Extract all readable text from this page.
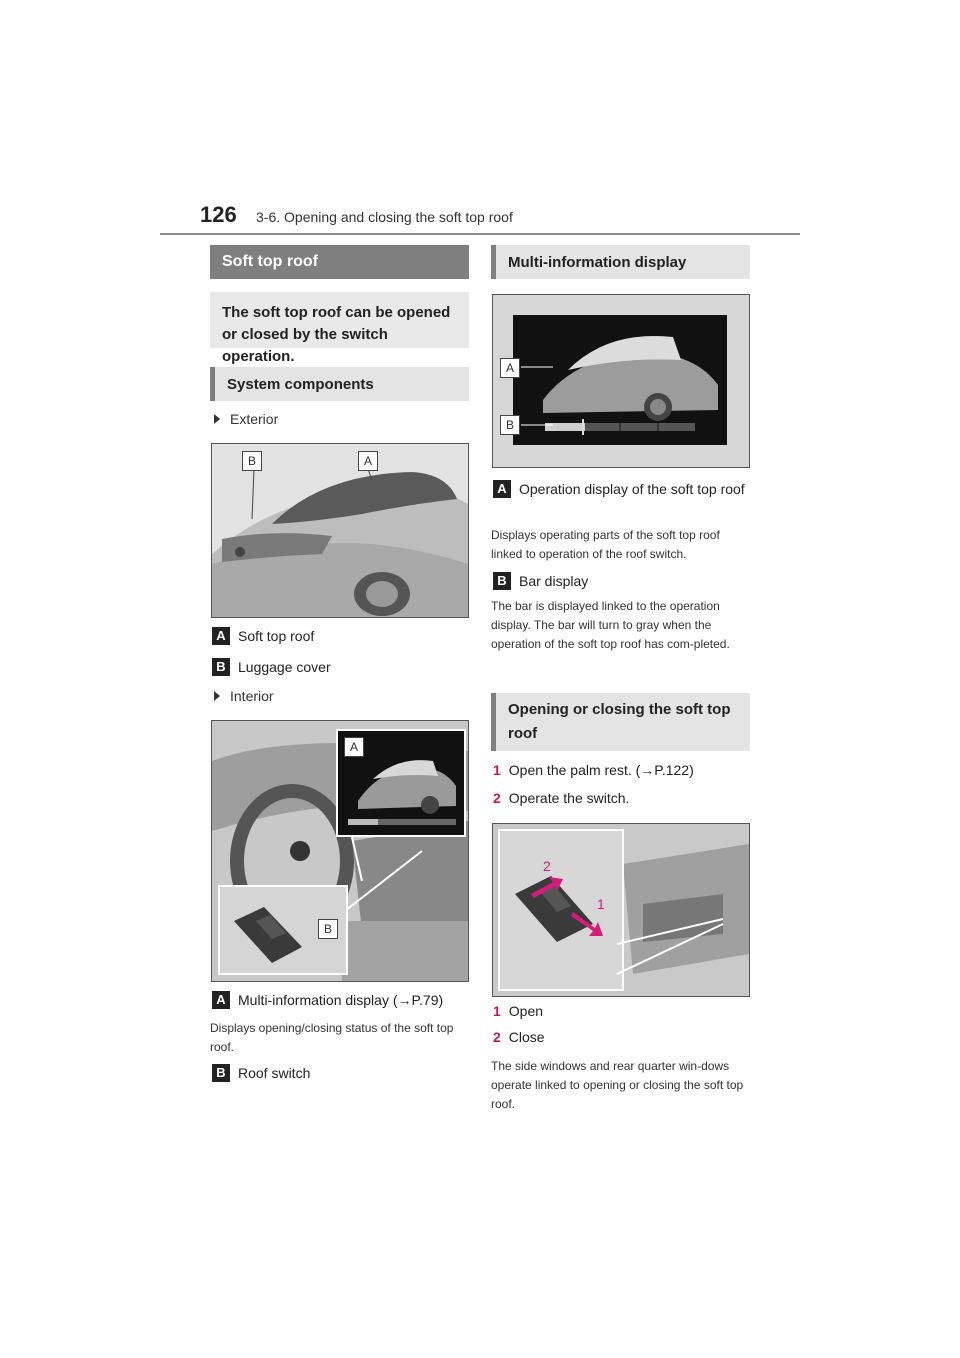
126 3-6. Opening and closing the soft top roof
Soft top roof
The soft top roof can be opened or closed by the switch operation.
System components
Exterior
B	A
A Soft top roof
B Luggage cover
Interior
A
B
A Multi-information display (→P.79)
Displays opening/closing status of the soft top roof.
B Roof switch
Multi-information display
A
B
A Operation display of the soft top roof
Displays operating parts of the soft top roof linked to operation of the roof switch.
B Bar display
The bar is displayed linked to the operation display. The bar will turn to gray when the operation of the soft top roof has com-pleted.
Opening or closing the soft top roof
1 Open the palm rest. (→P.122)
2 Operate the switch.
2
1
1 Open
2 Close
The side windows and rear quarter win-dows operate linked to opening or closing the soft top roof.
